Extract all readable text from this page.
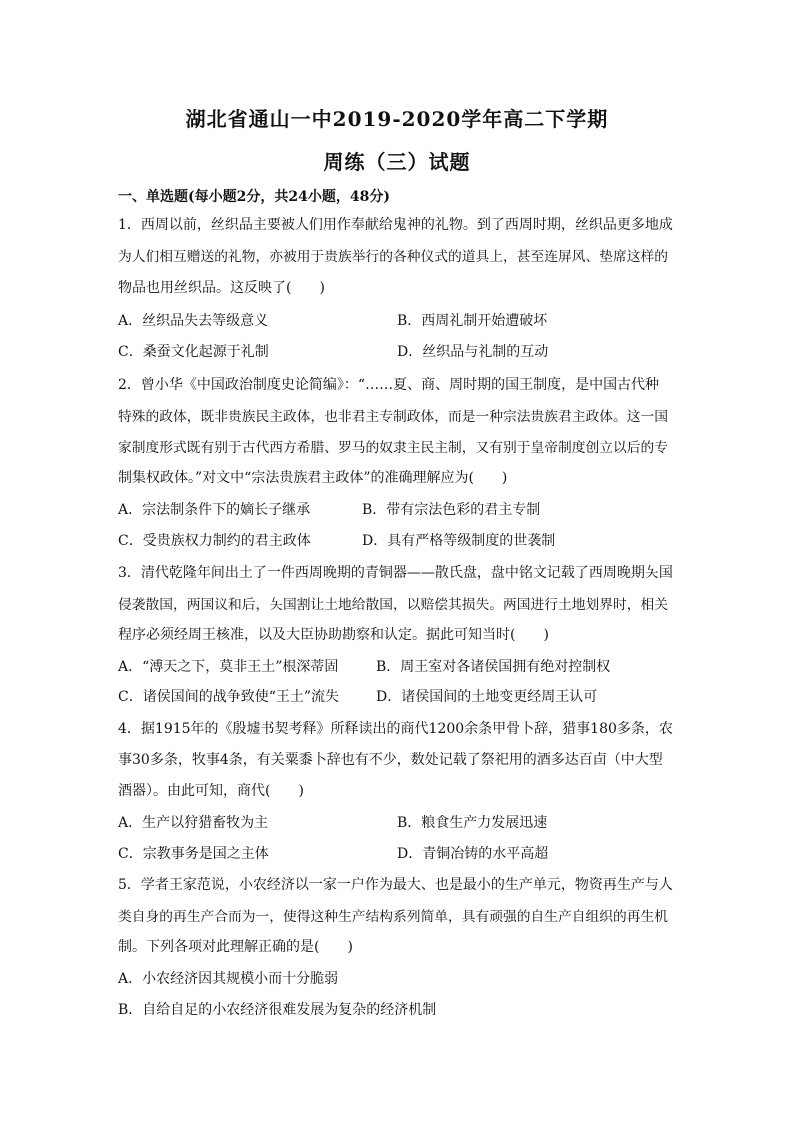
湖北省通山一中2019-2020学年高二下学期
周练（三）试题
一、单选题(每小题2分，共24小题，48分)
1．西周以前，丝织品主要被人们用作奉献给鬼神的礼物。到了西周时期，丝织品更多地成
为人们相互赠送的礼物，亦被用于贵族举行的各种仪式的道具上，甚至连屏风、垫席这样的
物品也用丝织品。这反映了(　　)
A．丝织品失去等级意义	B．西周礼制开始遭破坏
C．桑蚕文化起源于礼制	D．丝织品与礼制的互动
2．曾小华《中国政治制度史论简编》：“……夏、商、周时期的国王制度，是中国古代种
特殊的政体，既非贵族民主政体，也非君主专制政体，而是一种宗法贵族君主政体。这一国
家制度形式既有别于古代西方希腊、罗马的奴隶主民主制，又有别于皇帝制度创立以后的专
制集权政体。”对文中“宗法贵族君主政体”的准确理解应为(　　)
A．宗法制条件下的嫡长子继承	B．带有宗法色彩的君主专制
C．受贵族权力制约的君主政体	D．具有严格等级制度的世袭制
3．清代乾隆年间出土了一件西周晚期的青铜器——散氏盘，盘中铭文记载了西周晚期夨国
侵袭散国，两国议和后，夨国割让土地给散国，以赔偿其损失。两国进行土地划界时，相关
程序必须经周王核准，以及大臣协助勘察和认定。据此可知当时(　　)
A．“溥天之下，莫非王土”根深蒂固	B．周王室对各诸侯国拥有绝对控制权
C．诸侯国间的战争致使“王土”流失	D．诸侯国间的土地变更经周王认可
4．据1915年的《殷墟书契考释》所释读出的商代1200余条甲骨卜辞，猎事180多条，农
事30多条，牧事4条，有关粟黍卜辞也有不少，数处记载了祭祀用的酒多达百卣（中大型
酒器）。由此可知，商代(　　)
A．生产以狩猎畜牧为主	B．粮食生产力发展迅速
C．宗教事务是国之主体	D．青铜冶铸的水平高超
5．学者王家范说，小农经济以一家一户作为最大、也是最小的生产单元，物资再生产与人
类自身的再生产合而为一，使得这种生产结构系列简单，具有顽强的自生产自组织的再生机
制。下列各项对此理解正确的是(　　)
A．小农经济因其规模小而十分脆弱
B．自给自足的小农经济很难发展为复杂的经济机制
